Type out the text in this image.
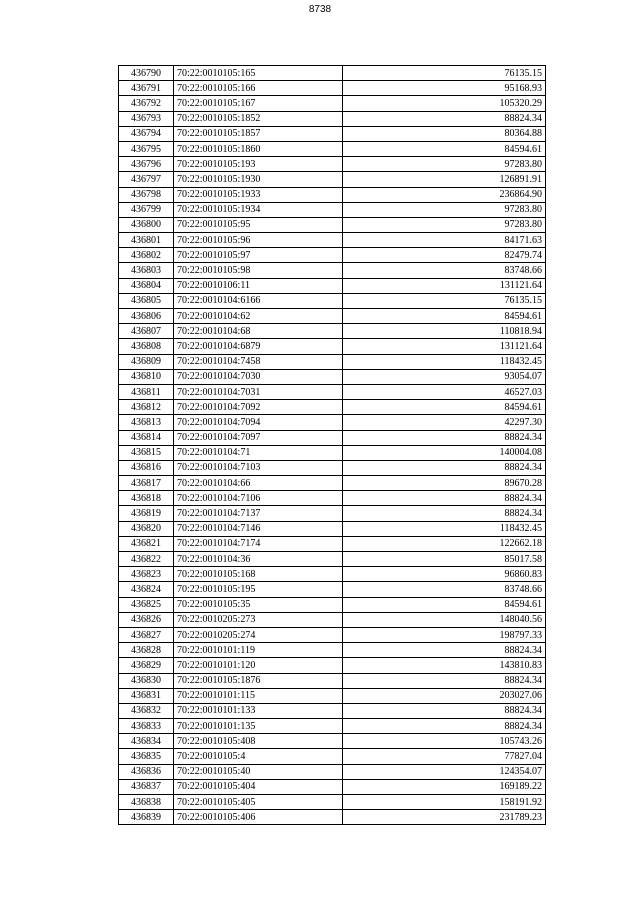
8738
436790	70:22:0010105:165	76135.15
436791	70:22:0010105:166	95168.93
436792	70:22:0010105:167	105320.29
436793	70:22:0010105:1852	88824.34
436794	70:22:0010105:1857	80364.88
436795	70:22:0010105:1860	84594.61
436796	70:22:0010105:193	97283.80
436797	70:22:0010105:1930	126891.91
436798	70:22:0010105:1933	236864.90
436799	70:22:0010105:1934	97283.80
436800	70:22:0010105:95	97283.80
436801	70:22:0010105:96	84171.63
436802	70:22:0010105:97	82479.74
436803	70:22:0010105:98	83748.66
436804	70:22:0010106:11	131121.64
436805	70:22:0010104:6166	76135.15
436806	70:22:0010104:62	84594.61
436807	70:22:0010104:68	110818.94
436808	70:22:0010104:6879	131121.64
436809	70:22:0010104:7458	118432.45
436810	70:22:0010104:7030	93054.07
436811	70:22:0010104:7031	46527.03
436812	70:22:0010104:7092	84594.61
436813	70:22:0010104:7094	42297.30
436814	70:22:0010104:7097	88824.34
436815	70:22:0010104:71	140004.08
436816	70:22:0010104:7103	88824.34
436817	70:22:0010104:66	89670.28
436818	70:22:0010104:7106	88824.34
436819	70:22:0010104:7137	88824.34
436820	70:22:0010104:7146	118432.45
436821	70:22:0010104:7174	122662.18
436822	70:22:0010104:36	85017.58
436823	70:22:0010105:168	96860.83
436824	70:22:0010105:195	83748.66
436825	70:22:0010105:35	84594.61
436826	70:22:0010205:273	148040.56
436827	70:22:0010205:274	198797.33
436828	70:22:0010101:119	88824.34
436829	70:22:0010101:120	143810.83
436830	70:22:0010105:1876	88824.34
436831	70:22:0010101:115	203027.06
436832	70:22:0010101:133	88824.34
436833	70:22:0010101:135	88824.34
436834	70:22:0010105:408	105743.26
436835	70:22:0010105:4	77827.04
436836	70:22:0010105:40	124354.07
436837	70:22:0010105:404	169189.22
436838	70:22:0010105:405	158191.92
436839	70:22:0010105:406	231789.23
